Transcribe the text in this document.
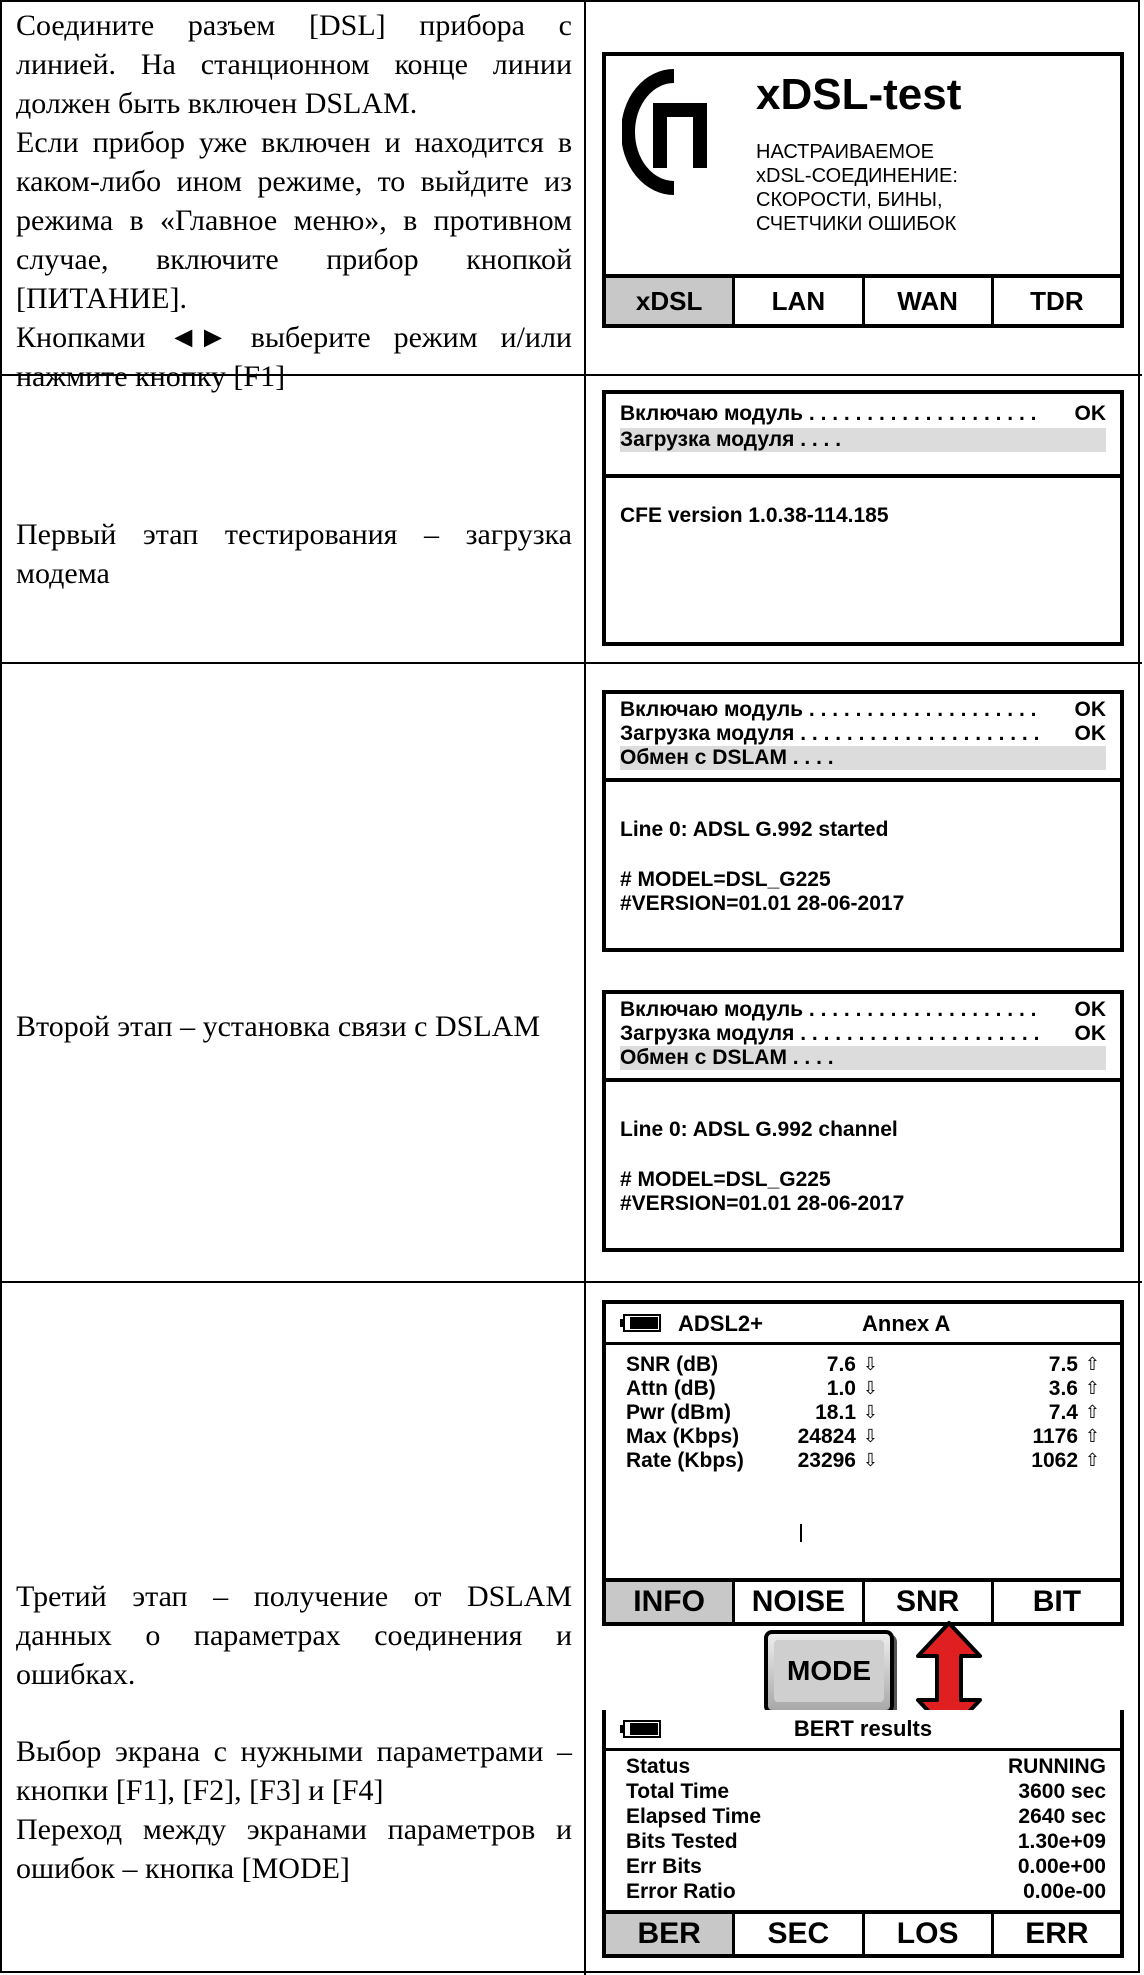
Соедините разъем [DSL] прибора с линией. На станционном конце линии должен быть включен DSLAM.
Если прибор уже включен и находится в каком-либо ином режиме, то выйдите из режима в «Главное меню», в противном случае, включите прибор кнопкой [ПИТАНИЕ].
Кнопками ◄► выберите режим и/или нажмите кнопку [F1]
Первый этап тестирования – загрузка модема
Второй этап – установка связи с DSLAM
Третий этап – получение от DSLAM данных о параметрах соединения и ошибках.
Выбор экрана с нужными параметрами – кнопки [F1], [F2], [F3] и [F4]
Переход между экранами параметров и ошибок – кнопка [MODE]
xDSL-test
НАСТРАИВАЕМОЕ
xDSL-СОЕДИНЕНИЕ:
СКОРОСТИ, БИНЫ,
СЧЕТЧИКИ ОШИБОК
xDSL	LAN	WAN	TDR
Включаю модуль . . . . . . . . . . . . . . . . . . . . OK
Загрузка модуля . . . .
CFE version 1.0.38-114.185
Включаю модуль . . . . . . . . . . . . . . . . . . . . OK
Загрузка модуля . . . . . . . . . . . . . . . . . . . . . OK
Обмен с DSLAM . . . .
Line 0: ADSL G.992 started
# MODEL=DSL_G225
#VERSION=01.01 28-06-2017
Включаю модуль . . . . . . . . . . . . . . . . . . . . OK
Загрузка модуля . . . . . . . . . . . . . . . . . . . . . OK
Обмен с DSLAM . . . .
Line 0: ADSL G.992 channel
# MODEL=DSL_G225
#VERSION=01.01 28-06-2017
ADSL2+	Annex A
SNR (dB)	7.6 ⇩	7.5 ⇧
Attn (dB)	1.0 ⇩	3.6 ⇧
Pwr (dBm)	18.1 ⇩	7.4 ⇧
Max (Kbps)	24824 ⇩	1176 ⇧
Rate (Kbps)	23296 ⇩	1062 ⇧
INFO	NOISE	SNR	BIT
MODE
BERT results
Status	RUNNING
Total Time	3600 sec
Elapsed Time	2640 sec
Bits Tested	1.30e+09
Err Bits	0.00e+00
Error Ratio	0.00e-00
BER	SEC	LOS	ERR
